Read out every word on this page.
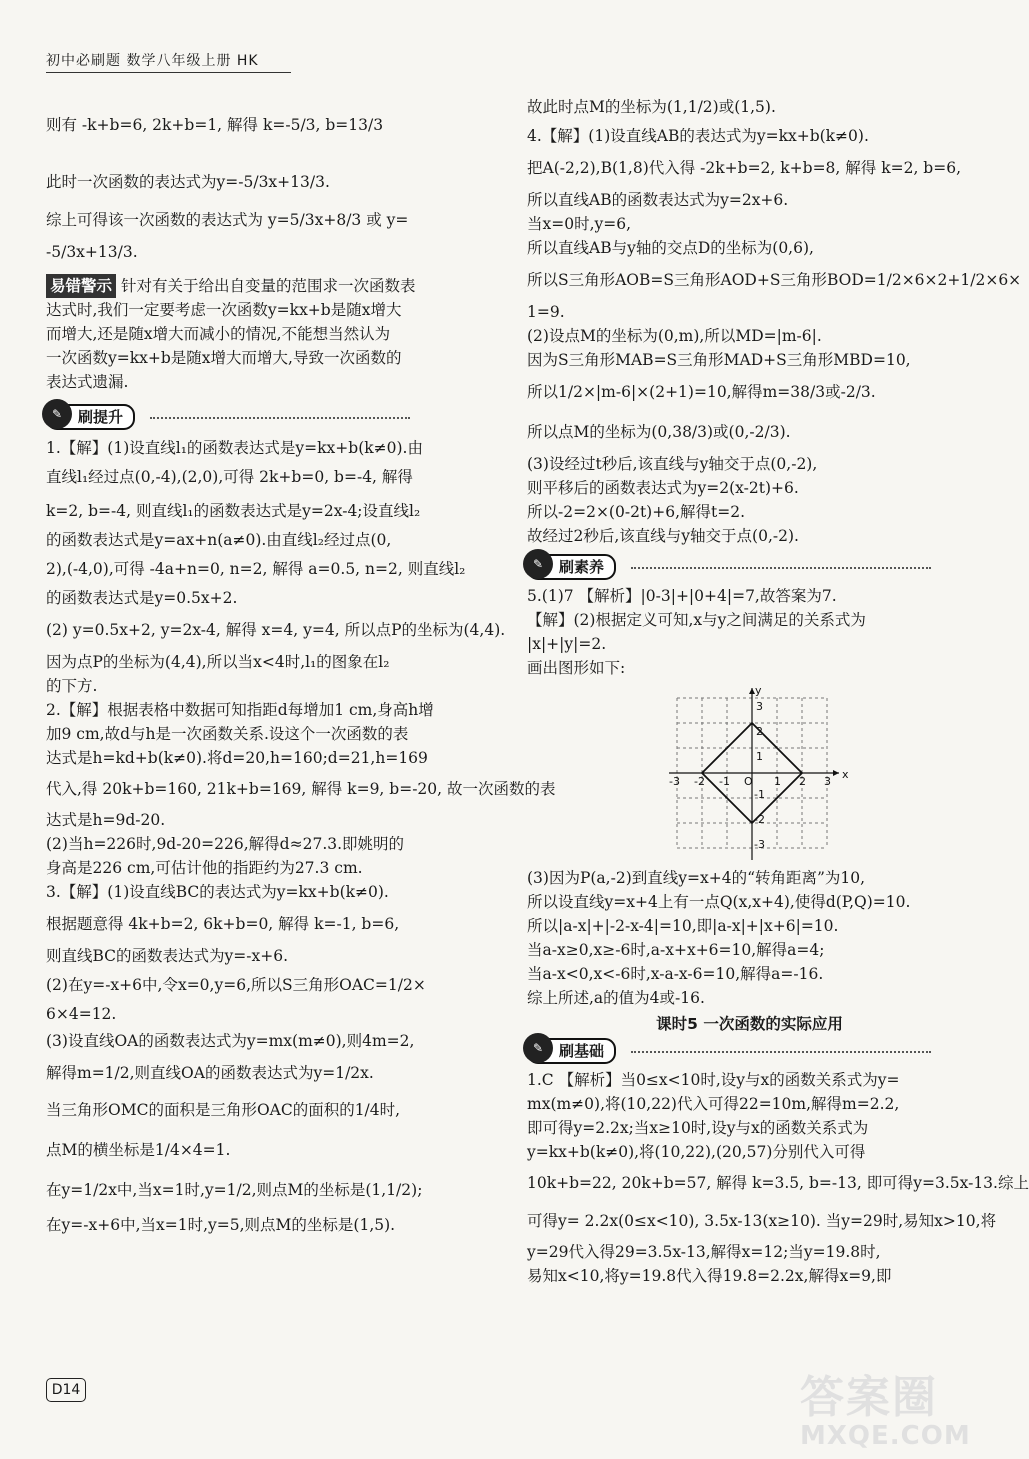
初中必刷题 数学八年级上册 HK
则有 -k+b=6, 2k+b=1, 解得 k=-5/3, b=13/3
此时一次函数的表达式为y=-5/3x+13/3.
综上可得该一次函数的表达式为 y=5/3x+8/3 或 y=
-5/3x+13/3.
易错警示 针对有关于给出自变量的范围求一次函数表
达式时,我们一定要考虑一次函数y=kx+b是随x增大
而增大,还是随x增大而减小的情况,不能想当然认为
一次函数y=kx+b是随x增大而增大,导致一次函数的
表达式遗漏.
✎	刷提升
1.【解】(1)设直线l₁的函数表达式是y=kx+b(k≠0).由
直线l₁经过点(0,-4),(2,0),可得 2k+b=0, b=-4, 解得
k=2, b=-4, 则直线l₁的函数表达式是y=2x-4;设直线l₂
的函数表达式是y=ax+n(a≠0).由直线l₂经过点(0,
2),(-4,0),可得 -4a+n=0, n=2, 解得 a=0.5, n=2, 则直线l₂
的函数表达式是y=0.5x+2.
(2) y=0.5x+2, y=2x-4, 解得 x=4, y=4, 所以点P的坐标为(4,4).
因为点P的坐标为(4,4),所以当x<4时,l₁的图象在l₂
的下方.
2.【解】根据表格中数据可知指距d每增加1 cm,身高h增
加9 cm,故d与h是一次函数关系.设这个一次函数的表
达式是h=kd+b(k≠0).将d=20,h=160;d=21,h=169
代入,得 20k+b=160, 21k+b=169, 解得 k=9, b=-20, 故一次函数的表
达式是h=9d-20.
(2)当h=226时,9d-20=226,解得d≈27.3.即姚明的
身高是226 cm,可估计他的指距约为27.3 cm.
3.【解】(1)设直线BC的表达式为y=kx+b(k≠0).
根据题意得 4k+b=2, 6k+b=0, 解得 k=-1, b=6,
则直线BC的函数表达式为y=-x+6.
(2)在y=-x+6中,令x=0,y=6,所以S三角形OAC=1/2×
6×4=12.
(3)设直线OA的函数表达式为y=mx(m≠0),则4m=2,
解得m=1/2,则直线OA的函数表达式为y=1/2x.
当三角形OMC的面积是三角形OAC的面积的1/4时,
点M的横坐标是1/4×4=1.
在y=1/2x中,当x=1时,y=1/2,则点M的坐标是(1,1/2);
在y=-x+6中,当x=1时,y=5,则点M的坐标是(1,5).
故此时点M的坐标为(1,1/2)或(1,5).
4.【解】(1)设直线AB的表达式为y=kx+b(k≠0).
把A(-2,2),B(1,8)代入得 -2k+b=2, k+b=8, 解得 k=2, b=6,
所以直线AB的函数表达式为y=2x+6.
当x=0时,y=6,
所以直线AB与y轴的交点D的坐标为(0,6),
所以S三角形AOB=S三角形AOD+S三角形BOD=1/2×6×2+1/2×6×
1=9.
(2)设点M的坐标为(0,m),所以MD=|m-6|.
因为S三角形MAB=S三角形MAD+S三角形MBD=10,
所以1/2×|m-6|×(2+1)=10,解得m=38/3或-2/3.
所以点M的坐标为(0,38/3)或(0,-2/3).
(3)设经过t秒后,该直线与y轴交于点(0,-2),
则平移后的函数表达式为y=2(x-2t)+6.
所以-2=2×(0-2t)+6,解得t=2.
故经过2秒后,该直线与y轴交于点(0,-2).
✎	刷素养
5.(1)7 【解析】|0-3|+|0+4|=7,故答案为7.
【解】(2)根据定义可知,x与y之间满足的关系式为
|x|+|y|=2.
画出图形如下:
x
y
-3 -2 -1 O 1 2 3
3
2
1
-1
-2
-3
(3)因为P(a,-2)到直线y=x+4的“转角距离”为10,
所以设直线y=x+4上有一点Q(x,x+4),使得d(P,Q)=10.
所以|a-x|+|-2-x-4|=10,即|a-x|+|x+6|=10.
当a-x≥0,x≥-6时,a-x+x+6=10,解得a=4;
当a-x<0,x<-6时,x-a-x-6=10,解得a=-16.
综上所述,a的值为4或-16.
课时5 一次函数的实际应用
✎	刷基础
1.C 【解析】当0≤x<10时,设y与x的函数关系式为y=
mx(m≠0),将(10,22)代入可得22=10m,解得m=2.2,
即可得y=2.2x;当x≥10时,设y与x的函数关系式为
y=kx+b(k≠0),将(10,22),(20,57)分别代入可得
10k+b=22, 20k+b=57, 解得 k=3.5, b=-13, 即可得y=3.5x-13.综上
可得y= 2.2x(0≤x<10), 3.5x-13(x≥10). 当y=29时,易知x>10,将
y=29代入得29=3.5x-13,解得x=12;当y=19.8时,
易知x<10,将y=19.8代入得19.8=2.2x,解得x=9,即
D14	答案圈
MXQE.COM
